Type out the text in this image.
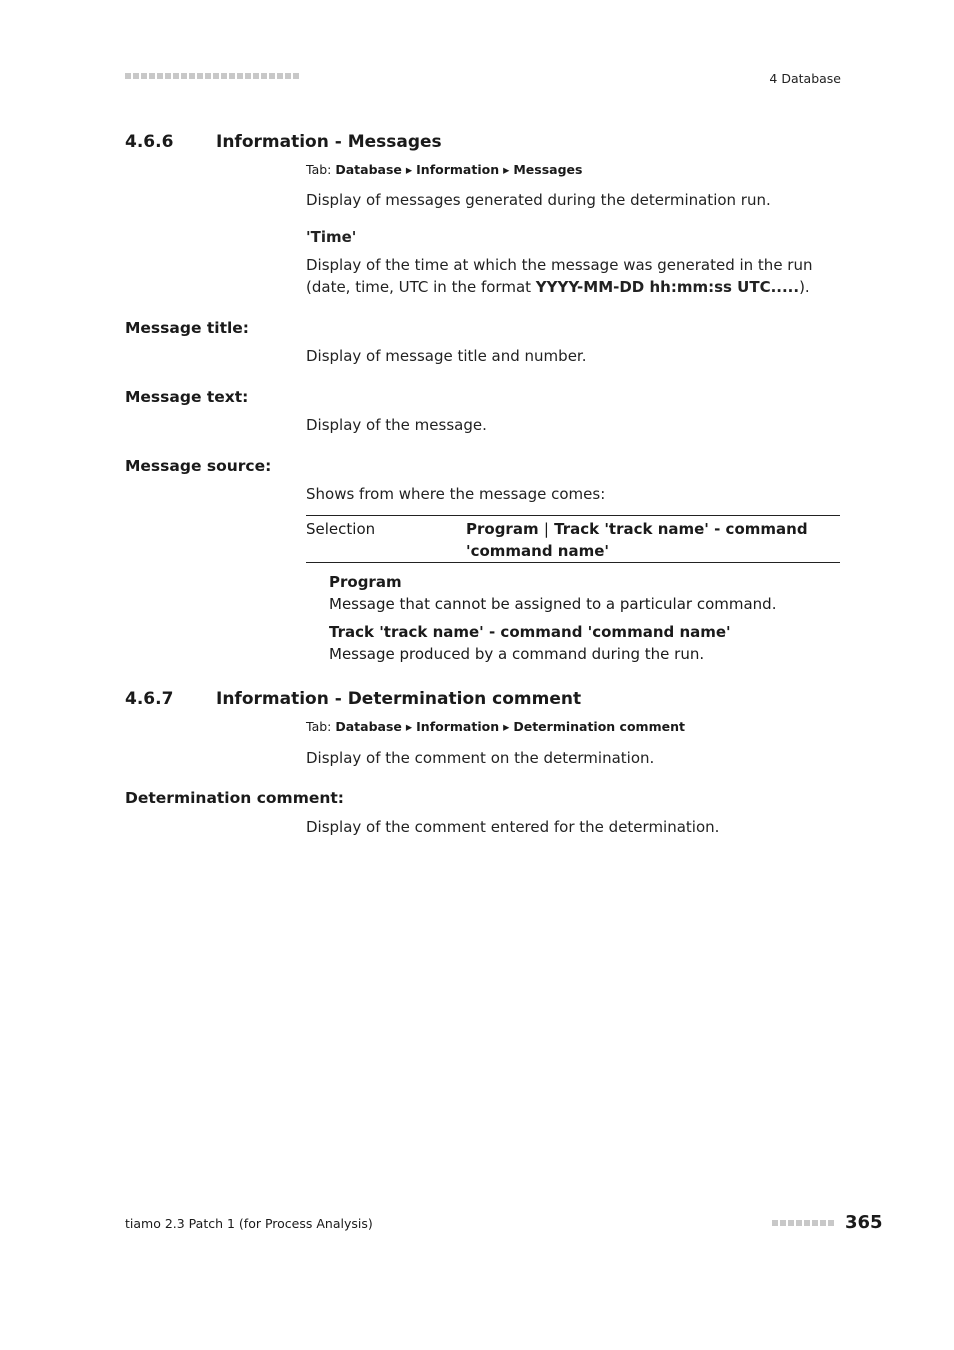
4 Database
4.6.6	Information - Messages
Tab: Database ▸ Information ▸ Messages
Display of messages generated during the determination run.
'Time'
Display of the time at which the message was generated in the run (date, time, UTC in the format YYYY-MM-DD hh:mm:ss UTC.....).
Message title:
Display of message title and number.
Message text:
Display of the message.
Message source:
Shows from where the message comes:
Selection	Program | Track 'track name' - command 'command name'
Program
Message that cannot be assigned to a particular command.
Track 'track name' - command 'command name'
Message produced by a command during the run.
4.6.7	Information - Determination comment
Tab: Database ▸ Information ▸ Determination comment
Display of the comment on the determination.
Determination comment:
Display of the comment entered for the determination.
tiamo 2.3 Patch 1 (for Process Analysis)	365
